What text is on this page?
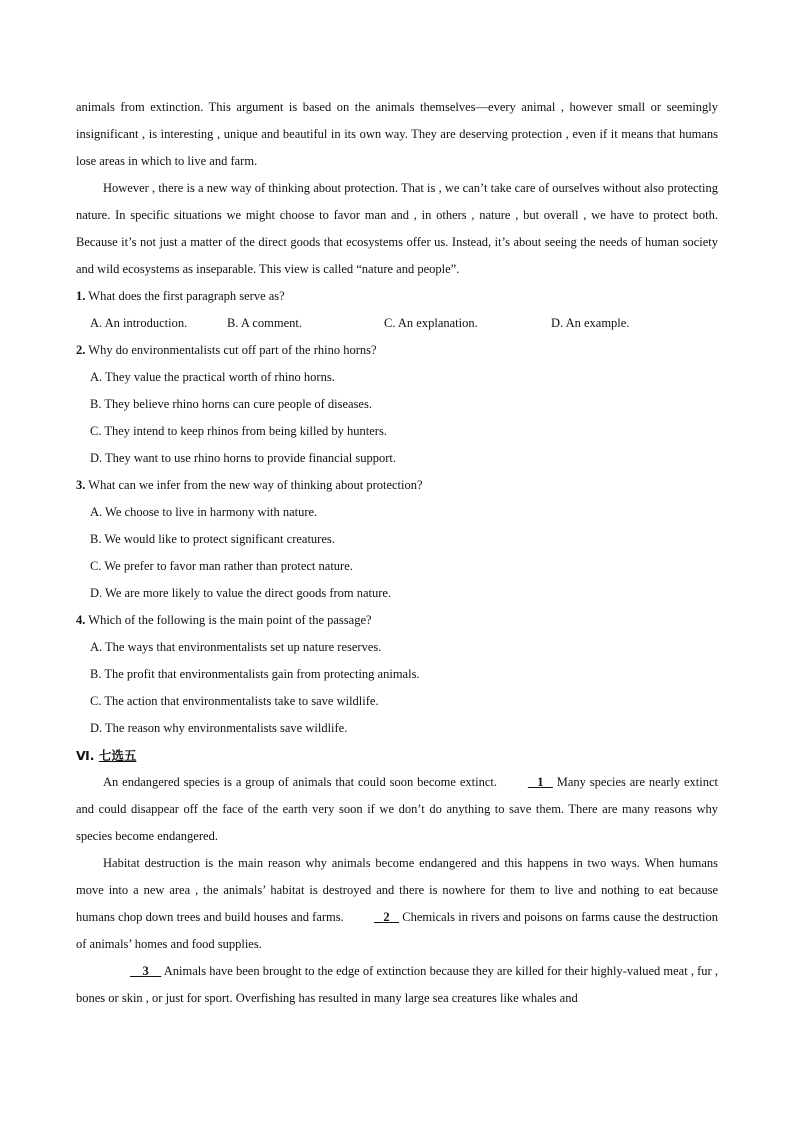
animals from extinction. This argument is based on the animals themselves—every animal , however small or seemingly insignificant , is interesting , unique and beautiful in its own way. They are deserving protection , even if it means that humans lose areas in which to live and farm.

However , there is a new way of thinking about protection. That is , we can’t take care of ourselves without also protecting nature. In specific situations we might choose to favor man and , in others , nature , but overall , we have to protect both. Because it’s not just a matter of the direct goods that ecosystems offer us. Instead, it’s about seeing the needs of human society and wild ecosystems as inseparable. This view is called “nature and people”.

1. What does the first paragraph serve as?

A. An introduction.	B. A comment.	C. An explanation.	D. An example.

2. Why do environmentalists cut off part of the rhino horns?

A. They value the practical worth of rhino horns.

B. They believe rhino horns can cure people of diseases.

C. They intend to keep rhinos from being killed by hunters.

D. They want to use rhino horns to provide financial support.

3. What can we infer from the new way of thinking about protection?

A. We choose to live in harmony with nature.

B. We would like to protect significant creatures.

C. We prefer to favor man rather than protect nature.

D. We are more likely to value the direct goods from nature.

4. Which of the following is the main point of the passage?

A. The ways that environmentalists set up nature reserves.

B. The profit that environmentalists gain from protecting animals.

C. The action that environmentalists take to save wildlife.

D. The reason why environmentalists save wildlife.

Ⅵ. 七选五

An endangered species is a group of animals that could soon become extinct.	1 Many species are nearly extinct and could disappear off the face of the earth very soon if we don’t do anything to save them. There are many reasons why species become endangered.

Habitat destruction is the main reason why animals become endangered and this happens in two ways. When humans move into a new area , the animals’ habitat is destroyed and there is nowhere for them to live and nothing to eat because humans chop down trees and build houses and farms.	2 Chemicals in rivers and poisons on farms cause the destruction of animals’ homes and food supplies.

3 Animals have been brought to the edge of extinction because they are killed for their highly-valued meat , fur , bones or skin , or just for sport. Overfishing has resulted in many large sea creatures like whales and
